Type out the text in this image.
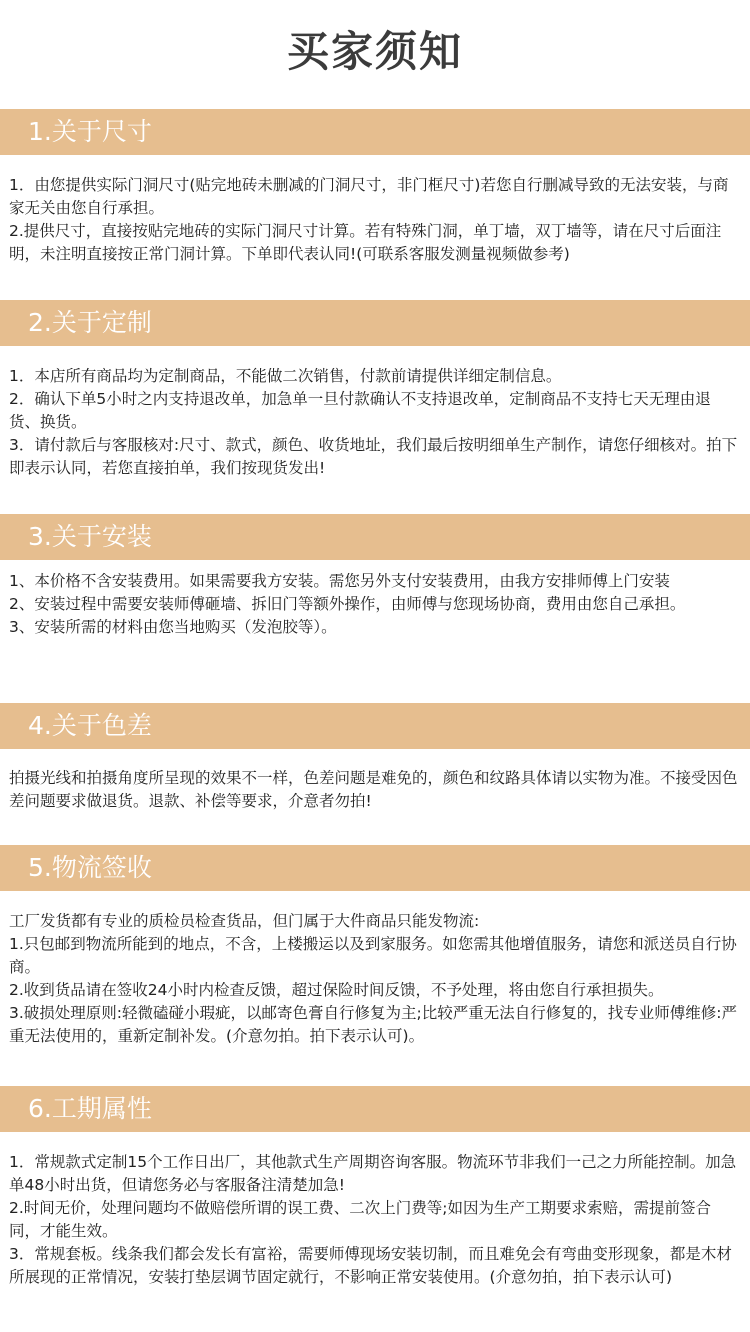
买家须知
1.关于尺寸

1．由您提供实际门洞尺寸(贴完地砖未删减的门洞尺寸，非门框尺寸)若您自行删减导致的无法安装，与商家无关由您自行承担。

2.提供尺寸，直接按贴完地砖的实际门洞尺寸计算。若有特殊门洞，单丁墙，双丁墙等，请在尺寸后面注明，未注明直接按正常门洞计算。下单即代表认同!(可联系客服发测量视频做参考)

2.关于定制

1．本店所有商品均为定制商品，不能做二次销售，付款前请提供详细定制信息。

2．确认下单5小时之内支持退改单，加急单一旦付款确认不支持退改单，定制商品不支持七天无理由退货、换货。

3．请付款后与客服核对:尺寸、款式，颜色、收货地址，我们最后按明细单生产制作，请您仔细核对。拍下即表示认同，若您直接拍单，我们按现货发出!

3.关于安装

1、本价格不含安装费用。如果需要我方安装。需您另外支付安装费用，由我方安排师傅上门安装

2、安装过程中需要安装师傅砸墙、拆旧门等额外操作，由师傅与您现场协商，费用由您自己承担。

3、安装所需的材料由您当地购买（发泡胶等）。

4.关于色差

拍摄光线和拍摄角度所呈现的效果不一样，色差问题是难免的，颜色和纹路具体请以实物为准。不接受因色差问题要求做退货。退款、补偿等要求，介意者勿拍!

5.物流签收

工厂发货都有专业的质检员检查货品，但门属于大件商品只能发物流:

1.只包邮到物流所能到的地点，不含，上楼搬运以及到家服务。如您需其他增值服务，请您和派送员自行协商。

2.收到货品请在签收24小时内检查反馈，超过保险时间反馈，不予处理，将由您自行承担损失。

3.破损处理原则:轻微磕碰小瑕疵，以邮寄色膏自行修复为主;比较严重无法自行修复的，找专业师傅维修:严重无法使用的，重新定制补发。(介意勿拍。拍下表示认可)。

6.工期属性

1．常规款式定制15个工作日出厂，其他款式生产周期咨询客服。物流环节非我们一己之力所能控制。加急单48小时出货，但请您务必与客服备注清楚加急!

2.时间无价，处理问题均不做赔偿所谓的误工费、二次上门费等;如因为生产工期要求索赔，需提前签合同，才能生效。

3．常规套板。线条我们都会发长有富裕，需要师傅现场安装切制，而且难免会有弯曲变形现象，都是木材所展现的正常情况，安装打垫层调节固定就行，不影响正常安装使用。(介意勿拍，拍下表示认可)
